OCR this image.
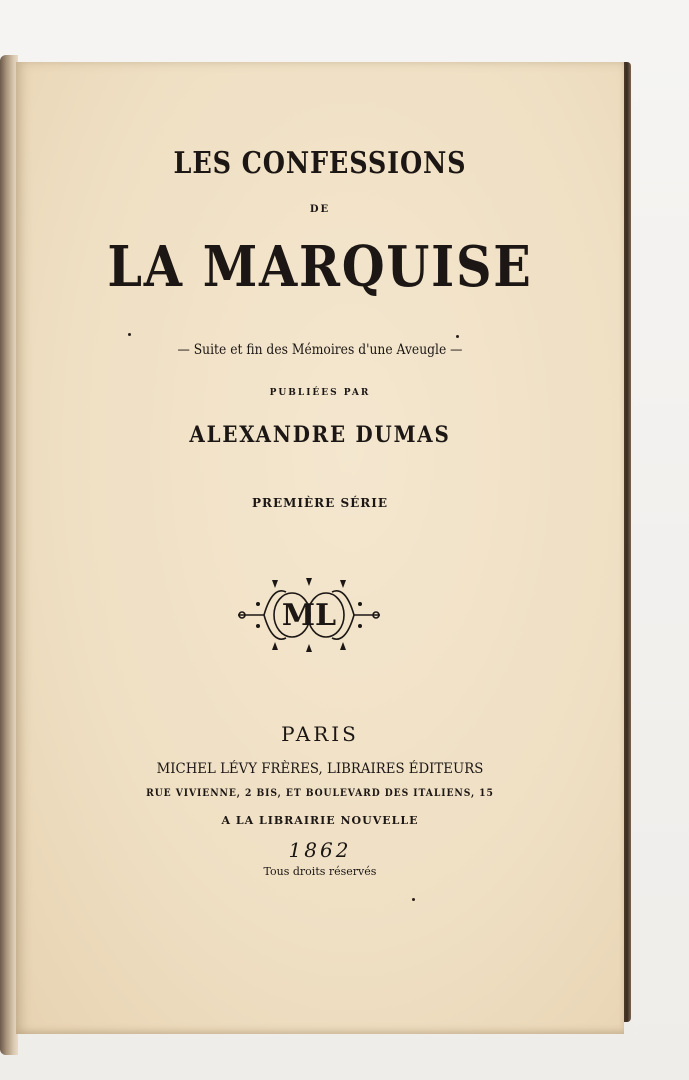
LES CONFESSIONS
DE
LA MARQUISE
— Suite et fin des Mémoires d'une Aveugle —
PUBLIÉES PAR
ALEXANDRE DUMAS
PREMIÈRE SÉRIE
ML
PARIS
MICHEL LÉVY FRÈRES, LIBRAIRES ÉDITEURS
RUE VIVIENNE, 2 BIS, ET BOULEVARD DES ITALIENS, 15
A LA LIBRAIRIE NOUVELLE
1862
Tous droits réservés
